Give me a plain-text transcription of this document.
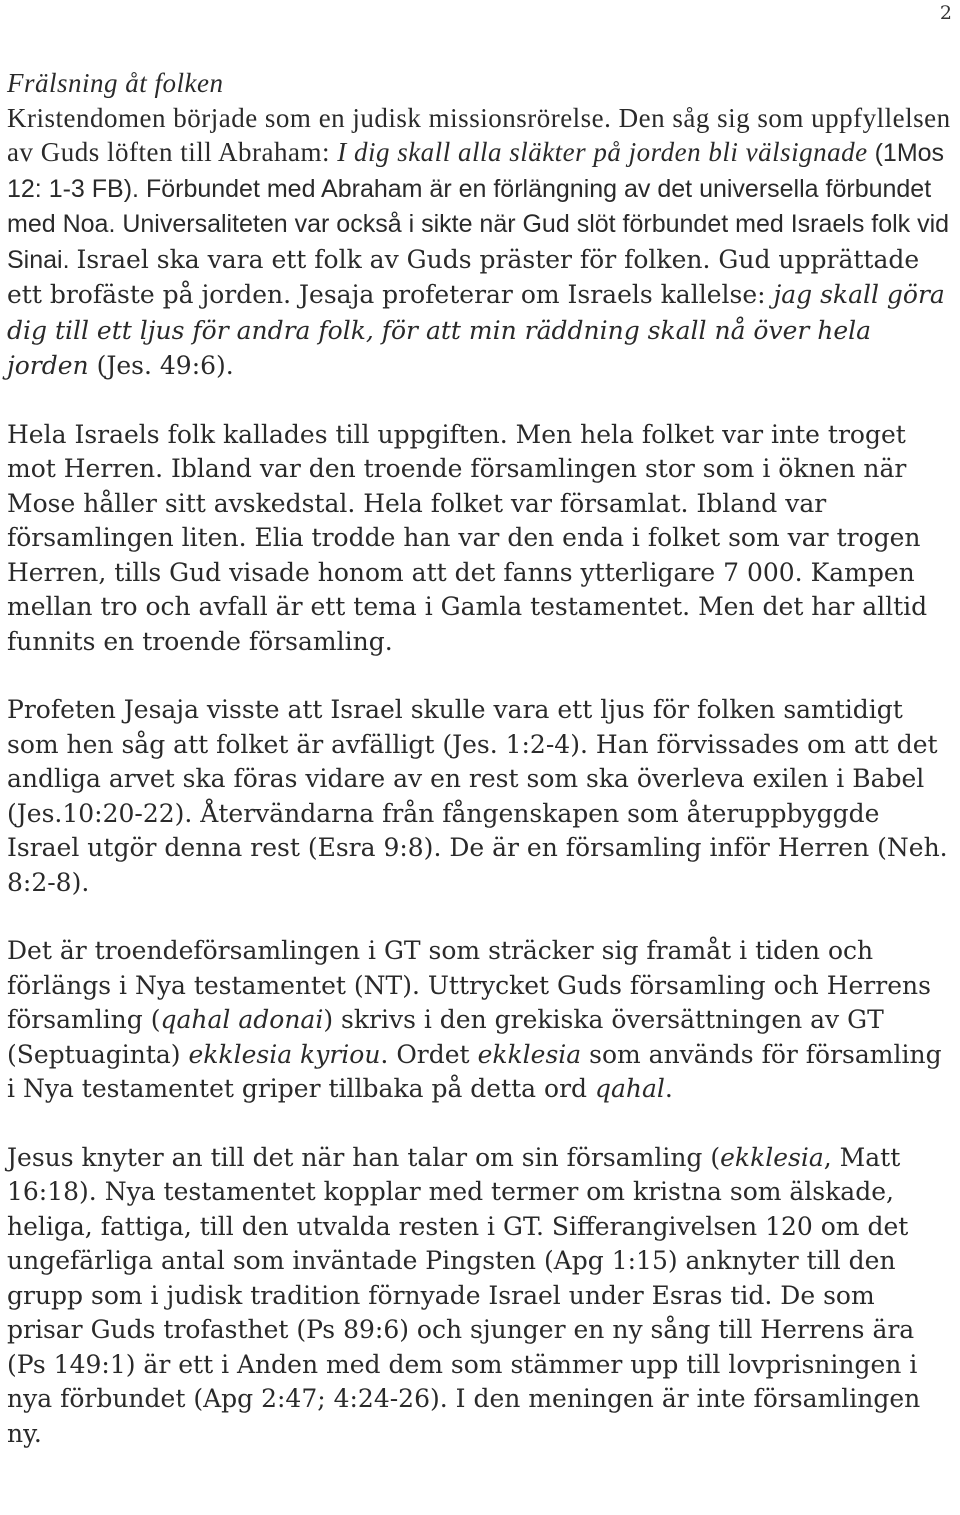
2

Frälsning åt folken

Kristendomen började som en judisk missionsrörelse. Den såg sig som uppfyllelsen av Guds löften till Abraham: I dig skall alla släkter på jorden bli välsignade (1Mos 12: 1-3 FB). Förbundet med Abraham är en förlängning av det universella förbundet med Noa. Universaliteten var också i sikte när Gud slöt förbundet med Israels folk vid Sinai. Israel ska vara ett folk av Guds präster för folken. Gud upprättade ett brofäste på jorden. Jesaja profeterar om Israels kallelse: jag skall göra dig till ett ljus för andra folk, för att min räddning skall nå över hela jorden (Jes. 49:6).

Hela Israels folk kallades till uppgiften. Men hela folket var inte troget mot Herren. Ibland var den troende församlingen stor som i öknen när Mose håller sitt avskedstal. Hela folket var församlat. Ibland var församlingen liten. Elia trodde han var den enda i folket som var trogen Herren, tills Gud visade honom att det fanns ytterligare 7 000. Kampen mellan tro och avfall är ett tema i Gamla testamentet. Men det har alltid funnits en troende församling.

Profeten Jesaja visste att Israel skulle vara ett ljus för folken samtidigt som hen såg att folket är avfälligt (Jes. 1:2-4). Han förvissades om att det andliga arvet ska föras vidare av en rest som ska överleva exilen i Babel (Jes.10:20-22). Återvändarna från fångenskapen som återuppbyggde Israel utgör denna rest (Esra 9:8). De är en församling inför Herren (Neh. 8:2-8).

Det är troendeförsamlingen i GT som sträcker sig framåt i tiden och förlängs i Nya testamentet (NT). Uttrycket Guds församling och Herrens församling (qahal adonai) skrivs i den grekiska översättningen av GT (Septuaginta) ekklesia kyriou. Ordet ekklesia som används för församling i Nya testamentet griper tillbaka på detta ord qahal.

Jesus knyter an till det när han talar om sin församling (ekklesia, Matt 16:18). Nya testamentet kopplar med termer om kristna som älskade, heliga, fattiga, till den utvalda resten i GT. Sifferangivelsen 120 om det ungefärliga antal som inväntade Pingsten (Apg 1:15) anknyter till den grupp som i judisk tradition förnyade Israel under Esras tid. De som prisar Guds trofasthet (Ps 89:6) och sjunger en ny sång till Herrens ära (Ps 149:1) är ett i Anden med dem som stämmer upp till lovprisningen i nya förbundet (Apg 2:47; 4:24-26). I den meningen är inte församlingen ny.
